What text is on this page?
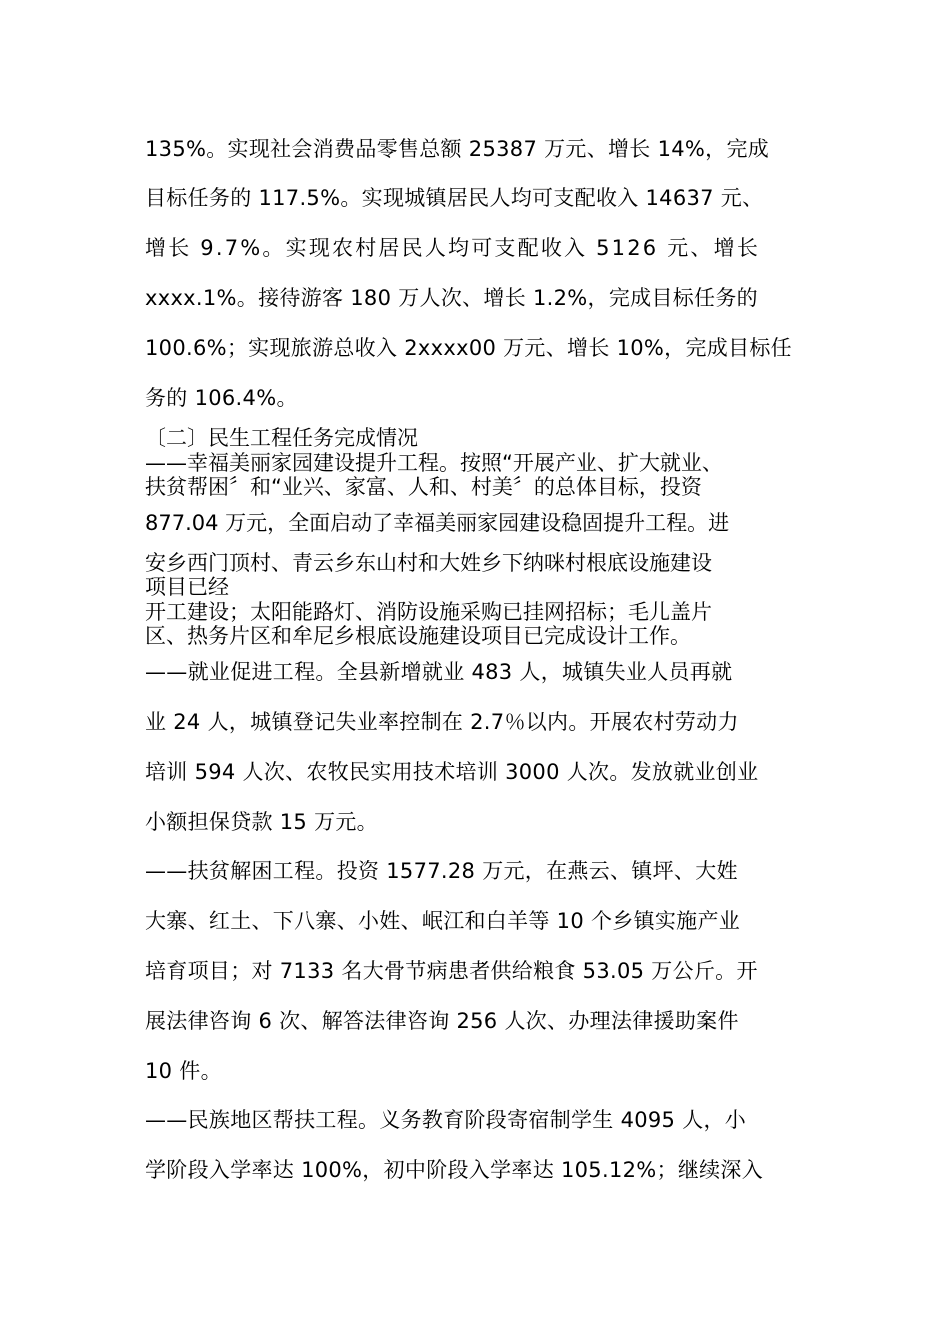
135%。实现社会消费品零售总额 25387 万元、增长 14%，完成
目标任务的 117.5%。实现城镇居民人均可支配收入 14637 元、
增长 9.7%。实现农村居民人均可支配收入 5126 元、增长
xxxx.1%。接待游客 180 万人次、增长 1.2%，完成目标任务的
100.6%；实现旅游总收入 2xxxx00 万元、增长 10%，完成目标任
务的 106.4%。
〔二〕民生工程任务完成情况
——幸福美丽家园建设提升工程。按照“开展产业、扩大就业、
扶贫帮困〞和“业兴、家富、人和、村美〞的总体目标，投资
877.04 万元，全面启动了幸福美丽家园建设稳固提升工程。进
安乡西门顶村、青云乡东山村和大姓乡下纳咪村根底设施建设
项目已经
开工建设；太阳能路灯、消防设施采购已挂网招标；毛儿盖片
区、热务片区和牟尼乡根底设施建设项目已完成设计工作。
——就业促进工程。全县新增就业 483 人，城镇失业人员再就
业 24 人，城镇登记失业率控制在 2.7％以内。开展农村劳动力
培训 594 人次、农牧民实用技术培训 3000 人次。发放就业创业
小额担保贷款 15 万元。
——扶贫解困工程。投资 1577.28 万元，在燕云、镇坪、大姓
大寨、红土、下八寨、小姓、岷江和白羊等 10 个乡镇实施产业
培育项目；对 7133 名大骨节病患者供给粮食 53.05 万公斤。开
展法律咨询 6 次、解答法律咨询 256 人次、办理法律援助案件
10 件。
——民族地区帮扶工程。义务教育阶段寄宿制学生 4095 人，小
学阶段入学率达 100%，初中阶段入学率达 105.12%；继续深入
